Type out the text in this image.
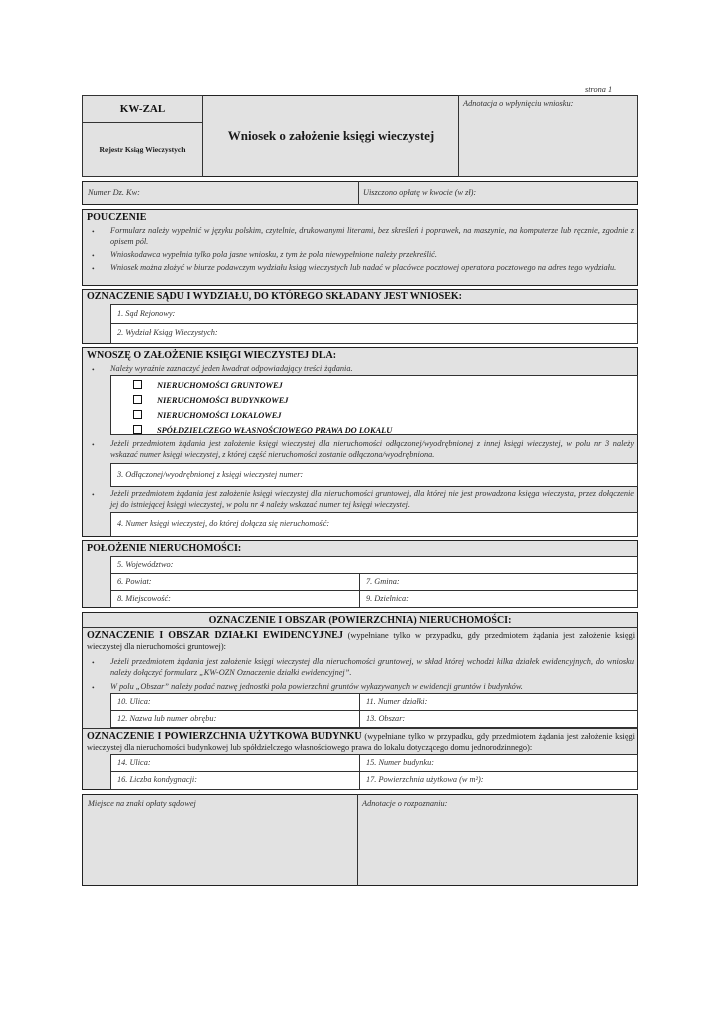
strona 1
KW-ZAL
Rejestr Ksiąg Wieczystych
Wniosek o założenie księgi wieczystej
Adnotacja o wpłynięciu wniosku:
Numer Dz. Kw:	Uiszczono opłatę w kwocie (w zł):
POUCZENIE
• Formularz należy wypełnić w języku polskim, czytelnie, drukowanymi literami, bez skreśleń i poprawek, na maszynie, na komputerze lub ręcznie, zgodnie z opisem pól.
• Wnioskodawca wypełnia tylko pola jasne wniosku, z tym że pola niewypełnione należy przekreślić.
• Wniosek można złożyć w biurze podawczym wydziału ksiąg wieczystych lub nadać w placówce pocztowej operatora pocztowego na adres tego wydziału.
OZNACZENIE SĄDU I WYDZIAŁU, DO KTÓREGO SKŁADANY JEST WNIOSEK:
1. Sąd Rejonowy:
2. Wydział Ksiąg Wieczystych:
WNOSZĘ O ZAŁOŻENIE KSIĘGI WIECZYSTEJ DLA:
• Należy wyraźnie zaznaczyć jeden kwadrat odpowiadający treści żądania.
NIERUCHOMOŚCI GRUNTOWEJ
NIERUCHOMOŚCI BUDYNKOWEJ
NIERUCHOMOŚCI LOKALOWEJ
SPÓŁDZIELCZEGO WŁASNOŚCIOWEGO PRAWA DO LOKALU
• Jeżeli przedmiotem żądania jest założenie księgi wieczystej dla nieruchomości odłączonej/wyodrębnionej z innej księgi wieczystej, w polu nr 3 należy wskazać numer księgi wieczystej, z której część nieruchomości zostanie odłączona/wyodrębniona.
3. Odłączonej/wyodrębnionej z księgi wieczystej numer:
• Jeżeli przedmiotem żądania jest założenie księgi wieczystej dla nieruchomości gruntowej, dla której nie jest prowadzona księga wieczysta, przez dołączenie jej do istniejącej księgi wieczystej, w polu nr 4 należy wskazać numer tej księgi wieczystej.
4. Numer księgi wieczystej, do której dołącza się nieruchomość:
POŁOŻENIE NIERUCHOMOŚCI:
5. Województwo:
6. Powiat:	7. Gmina:
8. Miejscowość:	9. Dzielnica:
OZNACZENIE I OBSZAR (POWIERZCHNIA) NIERUCHOMOŚCI:
OZNACZENIE I OBSZAR DZIAŁKI EWIDENCYJNEJ (wypełniane tylko w przypadku, gdy przedmiotem żądania jest założenie księgi wieczystej dla nieruchomości gruntowej):
• Jeżeli przedmiotem żądania jest założenie księgi wieczystej dla nieruchomości gruntowej, w skład której wchodzi kilka działek ewidencyjnych, do wniosku należy dołączyć formularz „KW-OZN Oznaczenie działki ewidencyjnej”.
• W polu „Obszar” należy podać nazwę jednostki pola powierzchni gruntów wykazywanych w ewidencji gruntów i budynków.
10. Ulica:	11. Numer działki:
12. Nazwa lub numer obrębu:	13. Obszar:
OZNACZENIE I POWIERZCHNIA UŻYTKOWA BUDYNKU (wypełniane tylko w przypadku, gdy przedmiotem żądania jest założenie księgi wieczystej dla nieruchomości budynkowej lub spółdzielczego własnościowego prawa do lokalu dotyczącego domu jednorodzinnego):
14. Ulica:	15. Numer budynku:
16. Liczba kondygnacji:	17. Powierzchnia użytkowa (w m²):
Miejsce na znaki opłaty sądowej	Adnotacje o rozpoznaniu:
